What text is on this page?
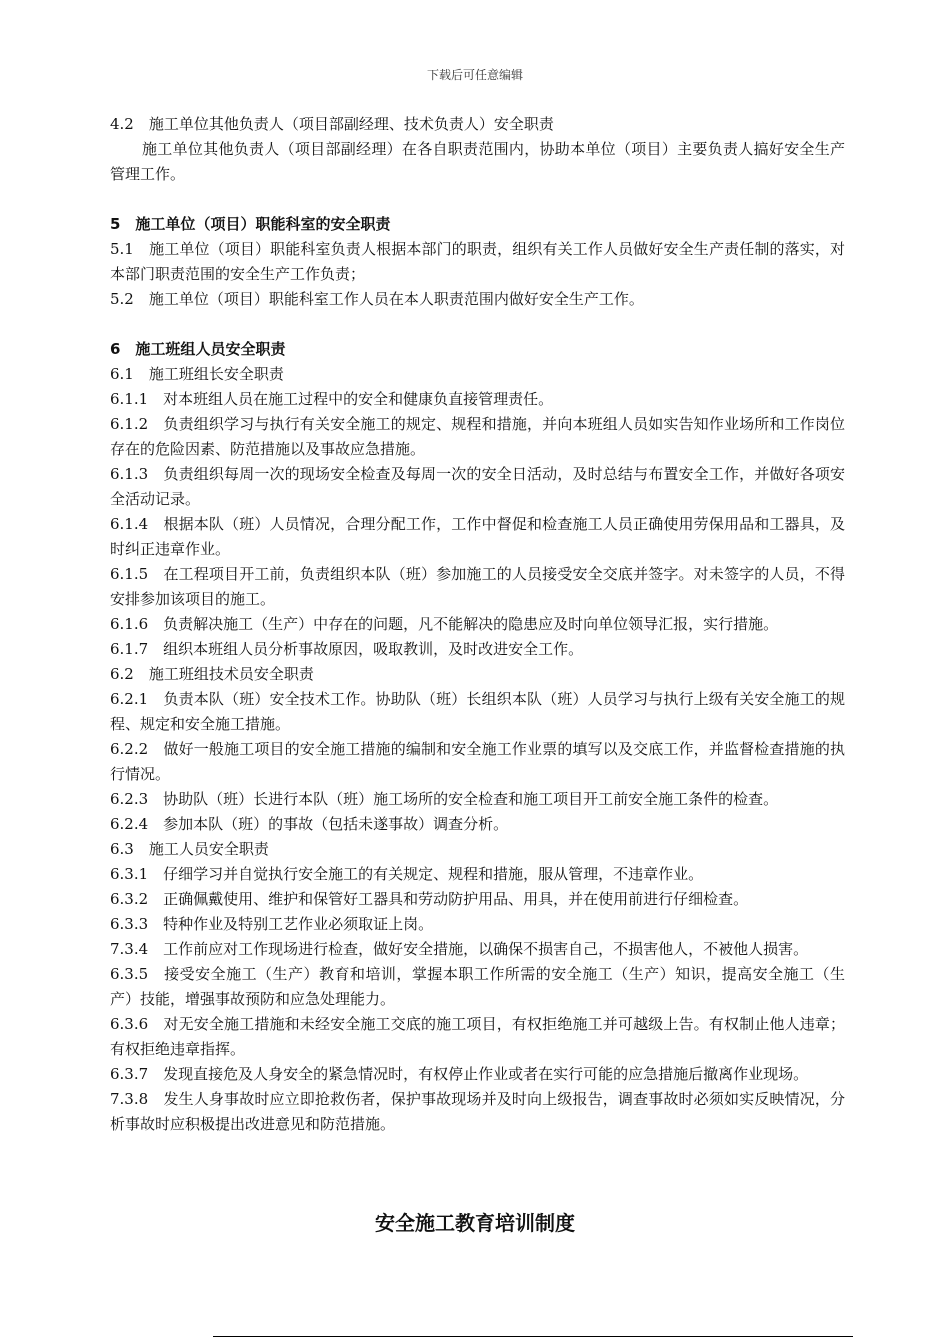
下载后可任意编辑
4.2　施工单位其他负责人（项目部副经理、技术负责人）安全职责
施工单位其他负责人（项目部副经理）在各自职责范围内，协助本单位（项目）主要负责人搞好安全生产管理工作。
5　施工单位（项目）职能科室的安全职责
5.1　施工单位（项目）职能科室负责人根据本部门的职责，组织有关工作人员做好安全生产责任制的落实，对本部门职责范围的安全生产工作负责；
5.2　施工单位（项目）职能科室工作人员在本人职责范围内做好安全生产工作。
6　施工班组人员安全职责
6.1　施工班组长安全职责
6.1.1　对本班组人员在施工过程中的安全和健康负直接管理责任。
6.1.2　负责组织学习与执行有关安全施工的规定、规程和措施，并向本班组人员如实告知作业场所和工作岗位存在的危险因素、防范措施以及事故应急措施。
6.1.3　负责组织每周一次的现场安全检查及每周一次的安全日活动，及时总结与布置安全工作，并做好各项安全活动记录。
6.1.4　根据本队（班）人员情况，合理分配工作，工作中督促和检查施工人员正确使用劳保用品和工器具，及时纠正违章作业。
6.1.5　在工程项目开工前，负责组织本队（班）参加施工的人员接受安全交底并签字。对未签字的人员，不得安排参加该项目的施工。
6.1.6　负责解决施工（生产）中存在的问题，凡不能解决的隐患应及时向单位领导汇报，实行措施。
6.1.7　组织本班组人员分析事故原因，吸取教训，及时改进安全工作。
6.2　施工班组技术员安全职责
6.2.1　负责本队（班）安全技术工作。协助队（班）长组织本队（班）人员学习与执行上级有关安全施工的规程、规定和安全施工措施。
6.2.2　做好一般施工项目的安全施工措施的编制和安全施工作业票的填写以及交底工作，并监督检查措施的执行情况。
6.2.3　协助队（班）长进行本队（班）施工场所的安全检查和施工项目开工前安全施工条件的检查。
6.2.4　参加本队（班）的事故（包括未遂事故）调查分析。
6.3　施工人员安全职责
6.3.1　仔细学习并自觉执行安全施工的有关规定、规程和措施，服从管理，不违章作业。
6.3.2　正确佩戴使用、维护和保管好工器具和劳动防护用品、用具，并在使用前进行仔细检查。
6.3.3　特种作业及特别工艺作业必须取证上岗。
7.3.4　工作前应对工作现场进行检查，做好安全措施，以确保不损害自己，不损害他人，不被他人损害。
6.3.5　接受安全施工（生产）教育和培训，掌握本职工作所需的安全施工（生产）知识，提高安全施工（生产）技能，增强事故预防和应急处理能力。
6.3.6　对无安全施工措施和未经安全施工交底的施工项目，有权拒绝施工并可越级上告。有权制止他人违章；有权拒绝违章指挥。
6.3.7　发现直接危及人身安全的紧急情况时，有权停止作业或者在实行可能的应急措施后撤离作业现场。
7.3.8　发生人身事故时应立即抢救伤者，保护事故现场并及时向上级报告，调查事故时必须如实反映情况，分析事故时应积极提出改进意见和防范措施。
安全施工教育培训制度
